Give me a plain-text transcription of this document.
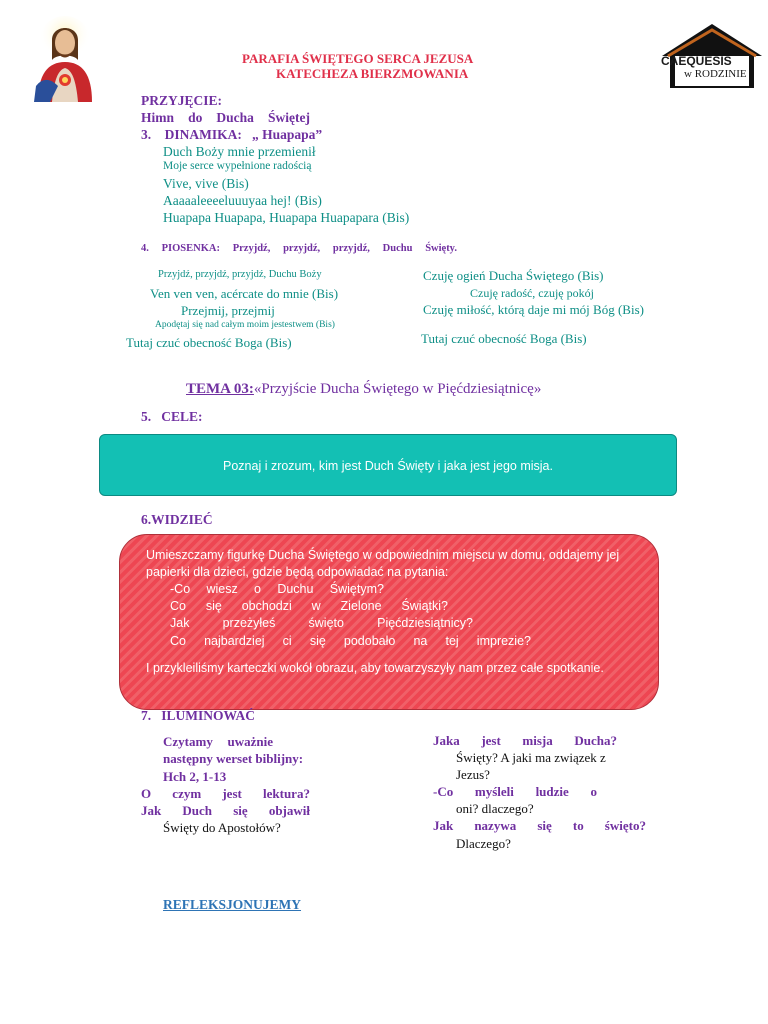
CAEQUESIS
w RODZINIE
PARAFIA ŚWIĘTEGO SERCA JEZUSA
KATECHEZA BIERZMOWANIA
PRZYJĘCIE:
Himn do Ducha Świętej
3. DINAMIKA: „ Huapapa”
Duch Boży mnie przemienił
Moje serce wypełnione radością
Vive, vive (Bis)
Aaaaaleeeeluuuyaa hej! (Bis)
Huapapa Huapapa, Huapapa Huapapara (Bis)
4. PIOSENKA: Przyjdź, przyjdź, przyjdź, Duchu Święty.
Przyjdź, przyjdź, przyjdź, Duchu Boży
Ven ven ven, acércate do mnie (Bis)
Przejmij, przejmij
Apodętaj się nad całym moim jestestwem (Bis)
Tutaj czuć obecność Boga (Bis)
Czuję ogień Ducha Świętego (Bis)
Czuję radość, czuję pokój
Czuję miłość, którą daje mi mój Bóg (Bis)
Tutaj czuć obecność Boga (Bis)
TEMA 03:«Przyjście Ducha Świętego w Pięćdziesiątnicę»
5.   CELE:
Poznaj i zrozum, kim jest Duch Święty i jaka jest jego misja.
6.WIDZIEĆ
Umieszczamy figurkę Ducha Świętego w odpowiednim miejscu w domu, oddajemy jej
papierki dla dzieci, gdzie będą odpowiadać na pytania:
-Co wiesz o Duchu Świętym?
Co się obchodzi w Zielone Świątki?
Jak	przeżyłeś	święto	Pięćdziesiątnicy?
Co najbardziej ci się podobało na tej imprezie?
I przykleiliśmy karteczki wokół obrazu, aby towarzyszyły nam przez całe spotkanie.
7.   ILUMINOWAĆ
Czytamy uważnie
następny werset biblijny:
Hch 2, 1-13
O czym jest lektura?
Jak Duch się objawił
Święty do Apostołów?
Jaka jest misja Ducha?
Święty? A jaki ma związek z
Jezus?
-Co myśleli ludzie o
oni? dlaczego?
Jak nazywa się to święto?
Dlaczego?
REFLEKSJONUJEMY
